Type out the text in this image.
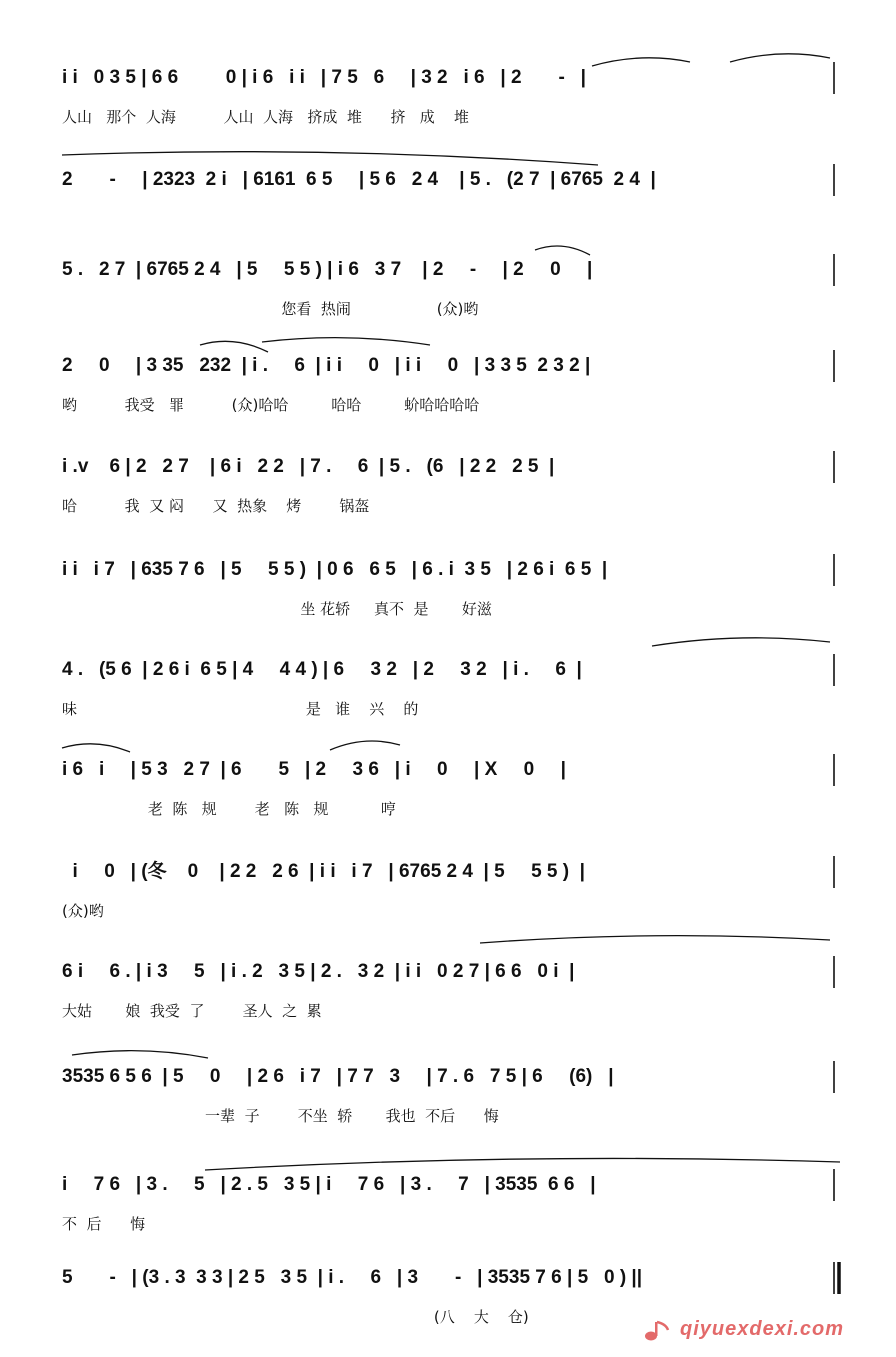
i i   0 3 5 | 6 6         0 | i 6   i i   | 7 5   6     | 3 2   i 6   | 2       -   |
人山   那个  人海          人山  人海   挤成  堆      挤   成    堆
2       -     | 2323  2 i   | 6161  6 5     | 5 6   2 4    | 5 .   (2 7  | 6765  2 4  |
5 .   2 7  | 6765 2 4   | 5     5 5 ) | i 6   3 7    | 2     -     | 2     0     |
您看  热闹                  (众)哟
2     0     | 3 35   232  | i .     6  | i i     0   | i i     0   | 3 3 5  2 3 2 |
哟          我受   罪          (众)哈哈         哈哈         蚧哈哈哈哈
i .v    6 | 2   2 7    | 6 i   2 2   | 7 .     6  | 5 .   (6   | 2 2   2 5  |
哈          我  又 闷      又  热象    烤        锅盔
i i   i 7   | 635 7 6   | 5     5 5 )  | 0 6   6 5   | 6 . i  3 5   | 2 6 i  6 5  |
坐 花轿     真不  是       好滋
4 .   (5 6  | 2 6 i  6 5 | 4     4 4 ) | 6     3 2   | 2     3 2   | i .     6  |
味                                                是   谁    兴    的
i 6   i     | 5 3   2 7  | 6       5   | 2     3 6   | i     0     | X     0     |
老  陈   规        老   陈   规           哼
i     0   | (冬    0    | 2 2   2 6  | i i   i 7   | 6765 2 4  | 5     5 5 )  |
(众)哟
6 i     6 . | i 3     5   | i . 2   3 5 | 2 .   3 2  | i i   0 2 7 | 6 6   0 i  |
大姑       娘  我受  了        圣人  之  累
3535 6 5 6  | 5     0     | 2 6   i 7   | 7 7   3     | 7 . 6   7 5 | 6     (6)   |
一辈  子        不坐  轿       我也  不后      悔
i     7 6   | 3 .     5   | 2 . 5   3 5 | i     7 6   | 3 .     7   | 3535  6 6   |
不  后      悔
5       -   | (3 . 3  3 3 | 2 5   3 5  | i .     6   | 3       -   | 3535 7 6 | 5   0 ) ||
(八    大    仓)
qiyuexdexi.com
